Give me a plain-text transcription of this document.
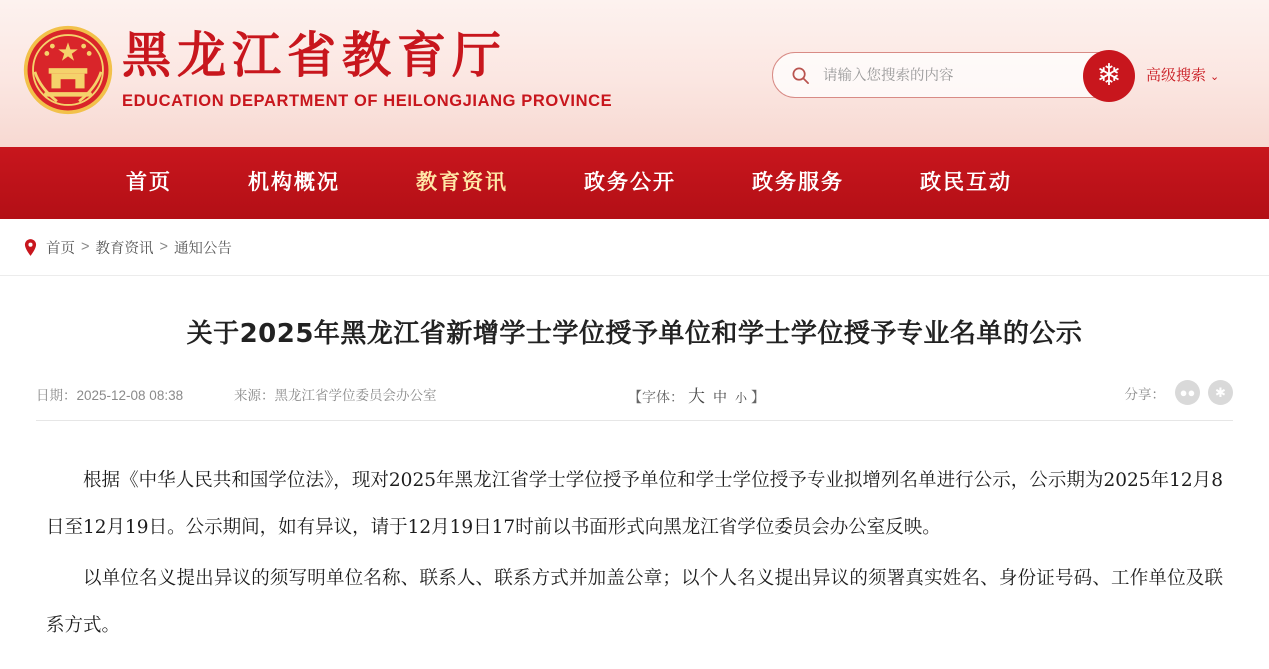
黑龙江省教育厅
EDUCATION DEPARTMENT OF HEILONGJIANG PROVINCE
请输入您搜索的内容
❄ 高级搜索 ⌄
首页	机构概况	教育资讯	政务公开	政务服务	政民互动
首页 > 教育资讯 > 通知公告
关于2025年黑龙江省新增学士学位授予单位和学士学位授予专业名单的公示
日期：2025-12-08 08:38	来源：黑龙江省学位委员会办公室	【字体： 大 中 小 】	分享：	●●	✱

根据《中华人民共和国学位法》，现对2025年黑龙江省学士学位授予单位和学士学位授予专业拟增列名单进行公示，公示期为2025年12月8日至12月19日。公示期间，如有异议，请于12月19日17时前以书面形式向黑龙江省学位委员会办公室反映。

以单位名义提出异议的须写明单位名称、联系人、联系方式并加盖公章；以个人名义提出异议的须署真实姓名、身份证号码、工作单位及联系方式。
